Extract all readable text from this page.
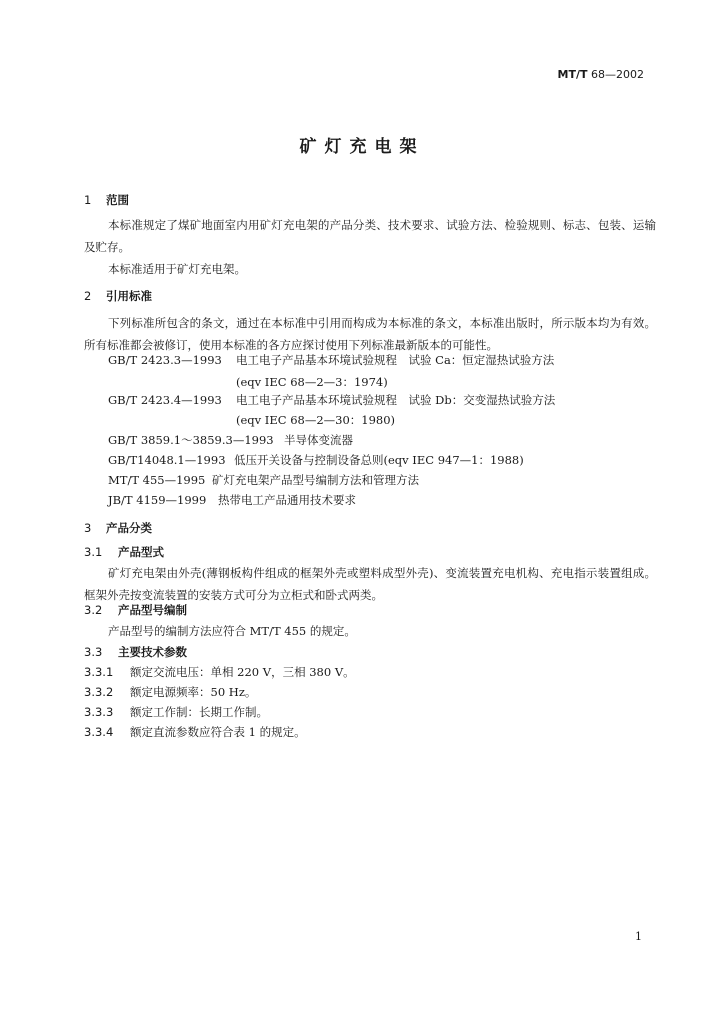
MT/T 68—2002
矿灯充电架
1 范围
本标准规定了煤矿地面室内用矿灯充电架的产品分类、技术要求、试验方法、检验规则、标志、包装、运输及贮存。
本标准适用于矿灯充电架。
2 引用标准
下列标准所包含的条文，通过在本标准中引用而构成为本标准的条文，本标准出版时，所示版本均为有效。所有标准都会被修订，使用本标准的各方应探讨使用下列标准最新版本的可能性。
GB/T 2423.3—1993 电工电子产品基本环境试验规程　试验 Ca：恒定湿热试验方法
(eqv IEC 68—2—3：1974)
GB/T 2423.4—1993 电工电子产品基本环境试验规程　试验 Db：交变湿热试验方法
(eqv IEC 68—2—30：1980)
GB/T 3859.1～3859.3—1993 半导体变流器
GB/T14048.1—1993 低压开关设备与控制设备总则(eqv IEC 947—1：1988)
MT/T 455—1995 矿灯充电架产品型号编制方法和管理方法
JB/T 4159—1999 热带电工产品通用技术要求
3 产品分类
3.1 产品型式
矿灯充电架由外壳(薄钢板构件组成的框架外壳或塑料成型外壳)、变流装置充电机构、充电指示装置组成。框架外壳按变流装置的安装方式可分为立柜式和卧式两类。
3.2 产品型号编制
产品型号的编制方法应符合 MT/T 455 的规定。
3.3 主要技术参数
3.3.1 额定交流电压：单相 220 V，三相 380 V。
3.3.2 额定电源频率：50 Hz。
3.3.3 额定工作制：长期工作制。
3.3.4 额定直流参数应符合表 1 的规定。
1
